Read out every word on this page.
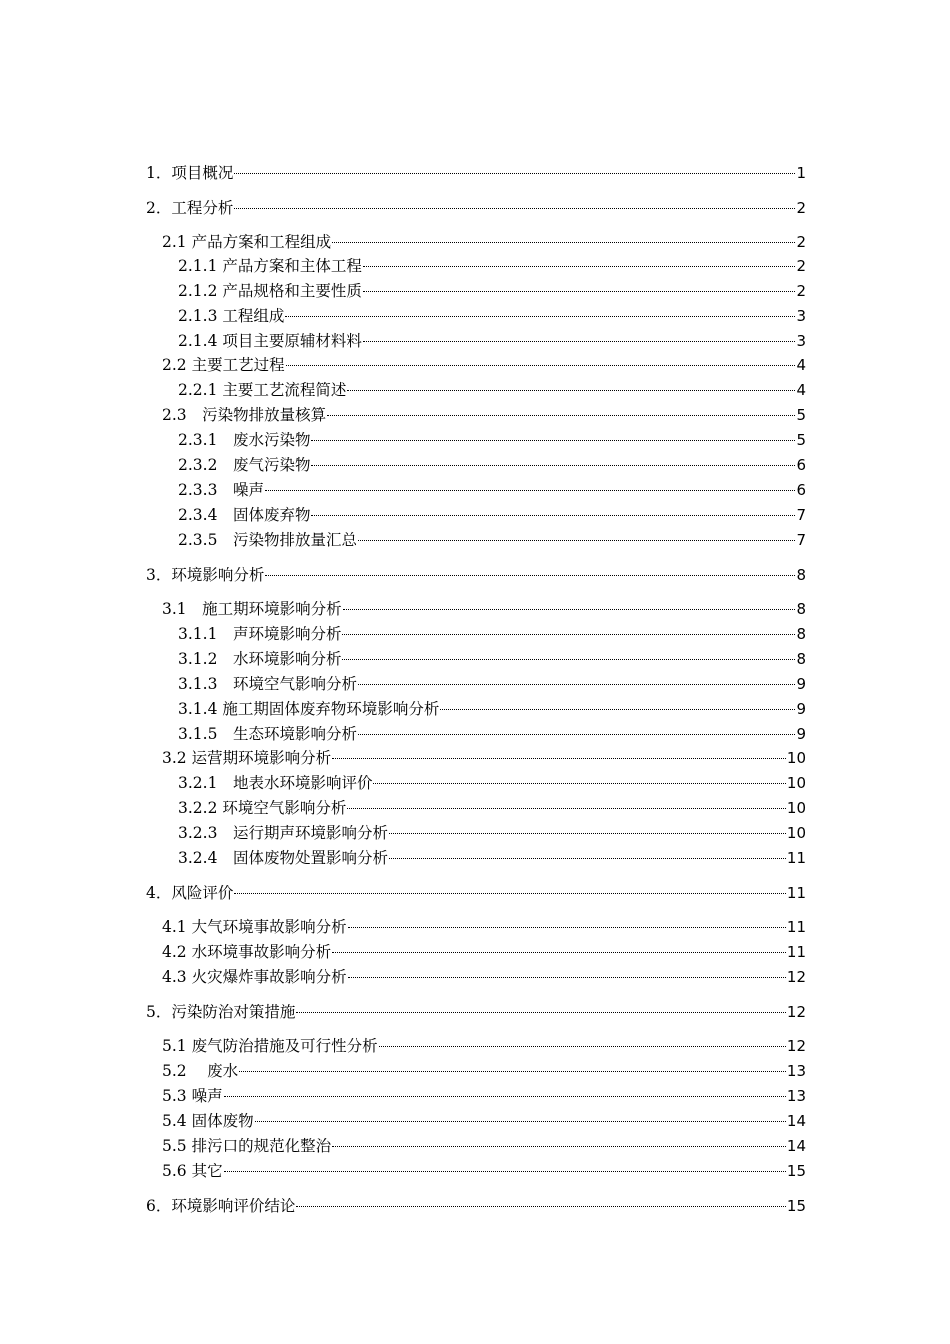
1．项目概况	1
2．工程分析	2
2.1 产品方案和工程组成	2
2.1.1 产品方案和主体工程	2
2.1.2 产品规格和主要性质	2
2.1.3 工程组成	3
2.1.4 项目主要原辅材料料	3
2.2 主要工艺过程	4
2.2.1 主要工艺流程简述	4
2.3　污染物排放量核算	5
2.3.1　废水污染物	5
2.3.2　废气污染物	6
2.3.3　噪声	6
2.3.4　固体废弃物	7
2.3.5　污染物排放量汇总	7
3．环境影响分析	8
3.1　施工期环境影响分析	8
3.1.1　声环境影响分析	8
3.1.2　水环境影响分析	8
3.1.3　环境空气影响分析	9
3.1.4 施工期固体废弃物环境影响分析	9
3.1.5　生态环境影响分析	9
3.2 运营期环境影响分析	10
3.2.1　地表水环境影响评价	10
3.2.2 环境空气影响分析	10
3.2.3　运行期声环境影响分析	10
3.2.4　固体废物处置影响分析	11
4．风险评价	11
4.1 大气环境事故影响分析	11
4.2 水环境事故影响分析	11
4.3 火灾爆炸事故影响分析	12
5．污染防治对策措施	12
5.1 废气防治措施及可行性分析	12
5.2　 废水	13
5.3 噪声	13
5.4 固体废物	14
5.5 排污口的规范化整治	14
5.6 其它	15
6．环境影响评价结论	15
